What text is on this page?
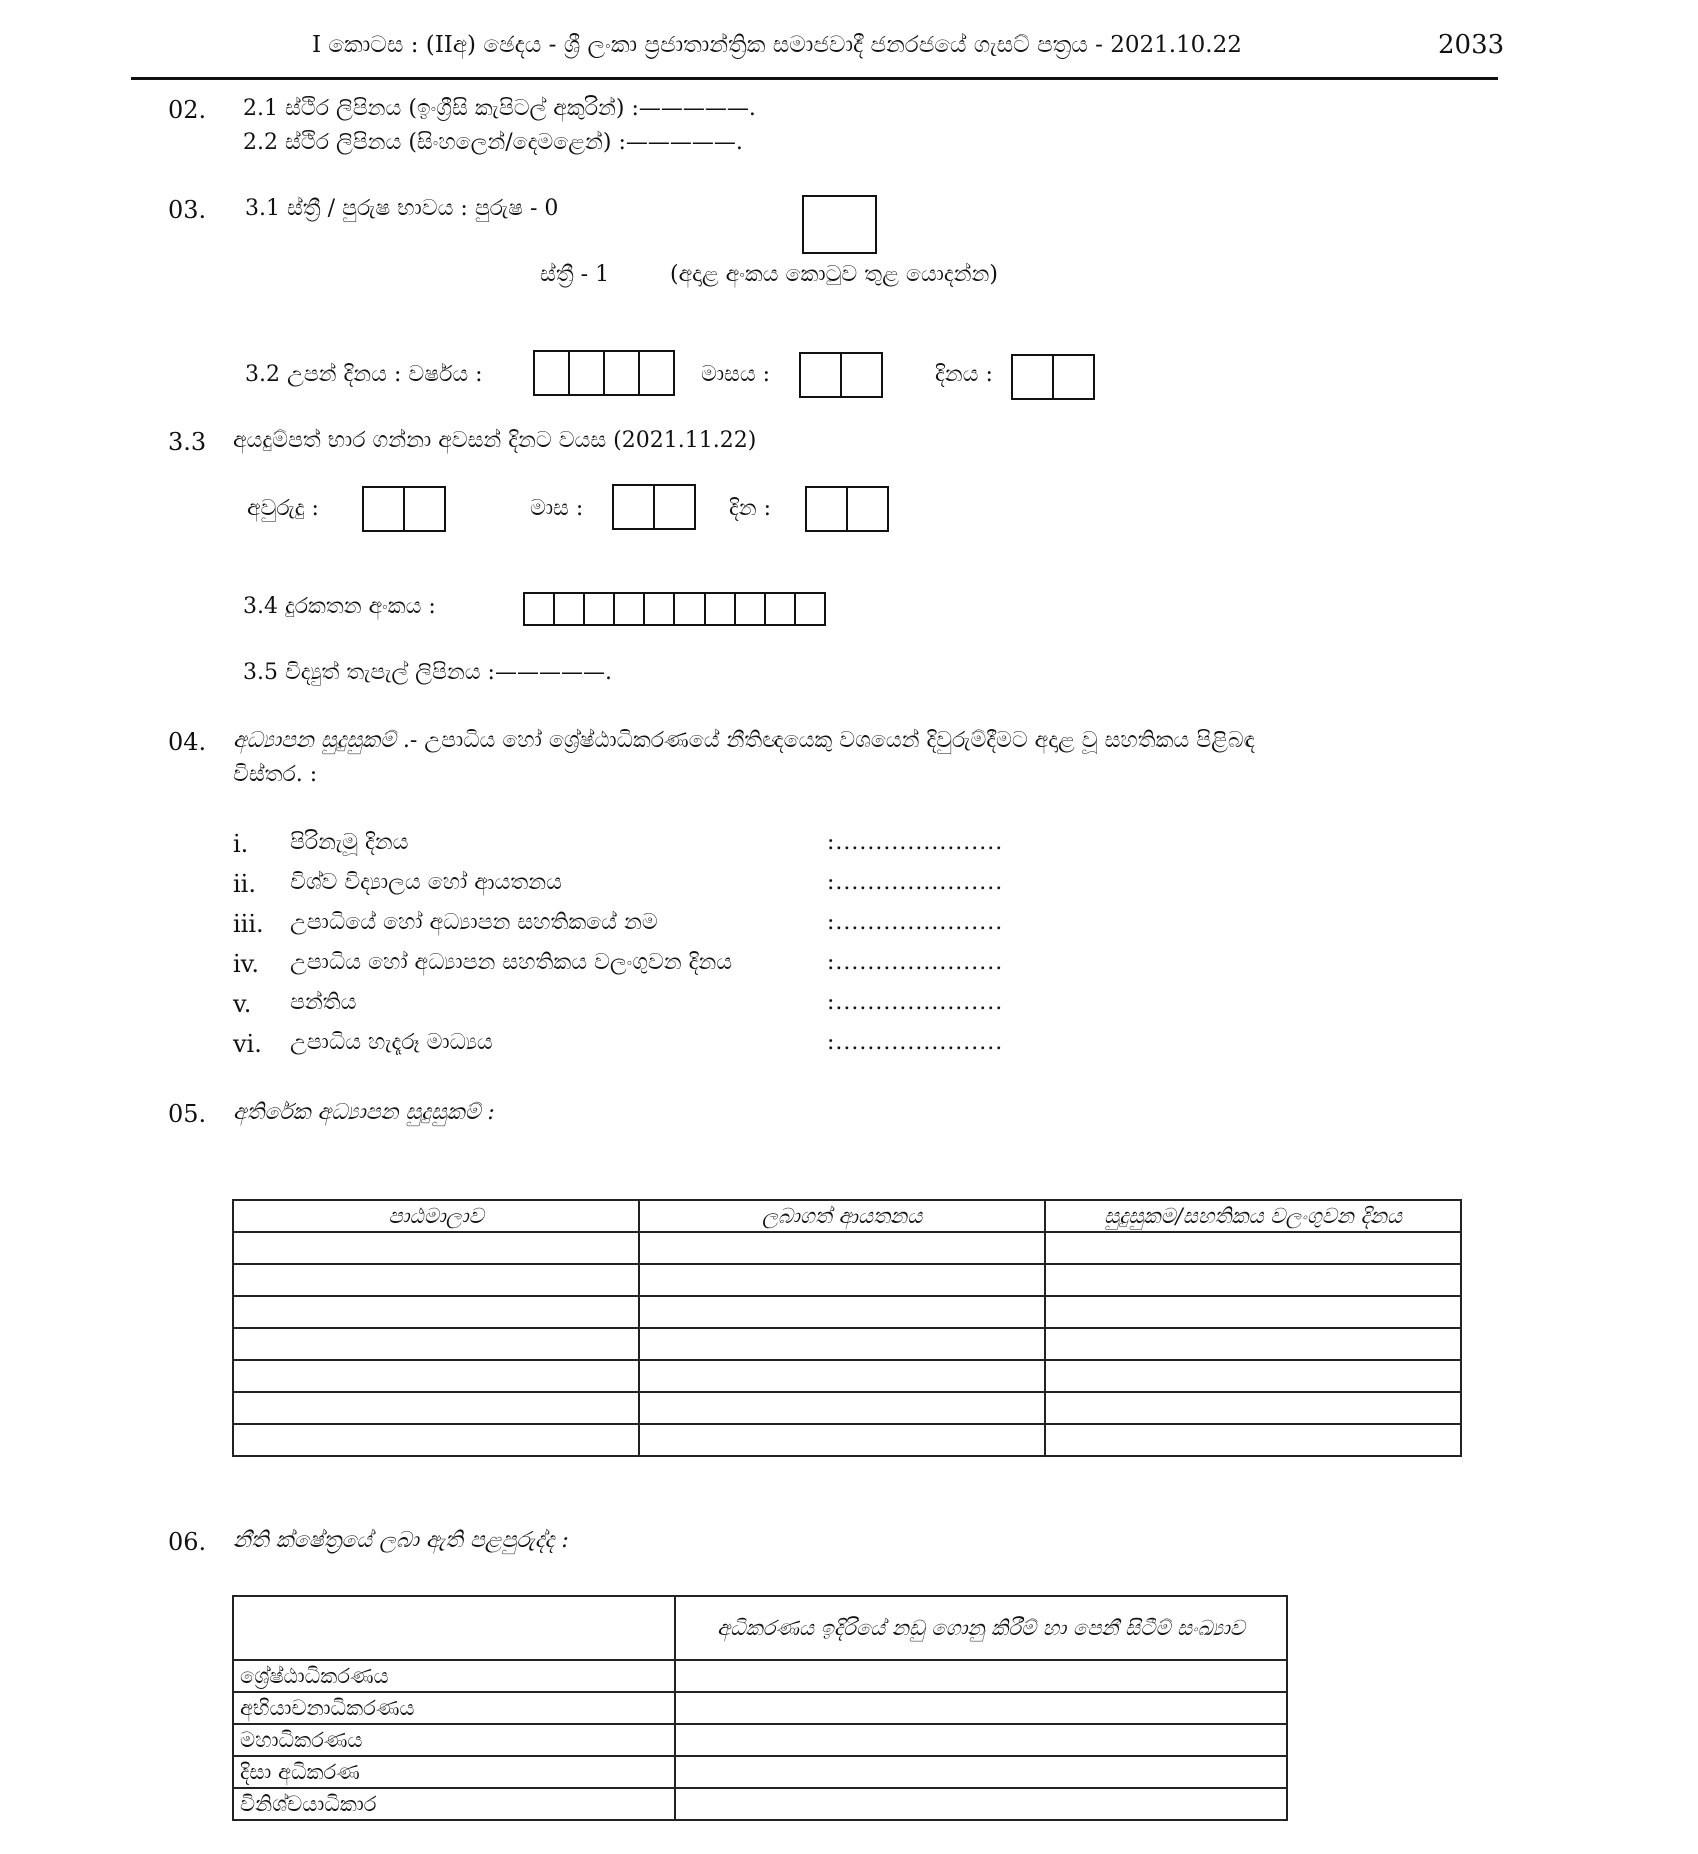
I කොටස : (IIඅ) ඡෙදය - ශ්‍රී ලංකා ප්‍රජාතාන්ත්‍රික සමාජවාදී ජනරජයේ ගැසට් පත්‍රය - 2021.10.22	2033
02. 2.1 ස්ථිර ලිපිනය (ඉංග්‍රීසි කැපිටල් අකුරින්) :—————.
2.2 ස්ථිර ලිපිනය (සිංහලෙන්/දෙමළෙන්) :—————.
03. 3.1 ස්ත්‍රී / පුරුෂ භාවය : පුරුෂ - 0
ස්ත්‍රී - 1	(අදාළ අංකය කොටුව තුළ යොදන්න)
3.2 උපන් දිනය : වර්ෂය :	මාසය :	දිනය :
3.3 අයදුම්පත් භාර ගන්නා අවසන් දිනට වයස (2021.11.22)
අවුරුදු :	මාස :	දින :
3.4 දුරකතන අංකය :
3.5 විද්‍යුත් තැපැල් ලිපිනය :—————.
04. අධ්‍යාපන සුදුසුකම් .- උපාධිය හෝ ශ්‍රේෂ්ඨාධිකරණයේ නීතිඥයෙකු වශයෙන් දිවුරුම්දීමට අදාළ වූ සහතිකය පිළිබඳ
විස්තර. :
i. පිරිනැමූ දිනය	:.....................
ii. විශ්ව විද්‍යාලය හෝ ආයතනය	:.....................
iii. උපාධියේ හෝ අධ්‍යාපන සහතිකයේ නම	:.....................
iv. උපාධිය හෝ අධ්‍යාපන සහතිකය වලංගුවන දිනය	:.....................
v. පන්තිය	:.....................
vi. උපාධිය හැදෑරූ මාධ්‍යය	:.....................
05. අතිරේක අධ්‍යාපන සුදුසුකම් :
පාඨමාලාව	ලබාගත් ආයතනය	සුදුසුකම/සහතිකය වලංගුවන දිනය

06. නීති ක්ෂේත්‍රයේ ලබා ඇති පළපුරුද්ද :
	අධිකරණය ඉදිරියේ නඩු ගොනු කිරීම් හා පෙනී සිටීම් සංඛ්‍යාව
ශ්‍රේෂ්ඨාධිකරණය	
අභියාචනාධිකරණය	
මහාධිකරණය	
දිසා අධිකරණ	
විනිශ්චයාධිකාර	
